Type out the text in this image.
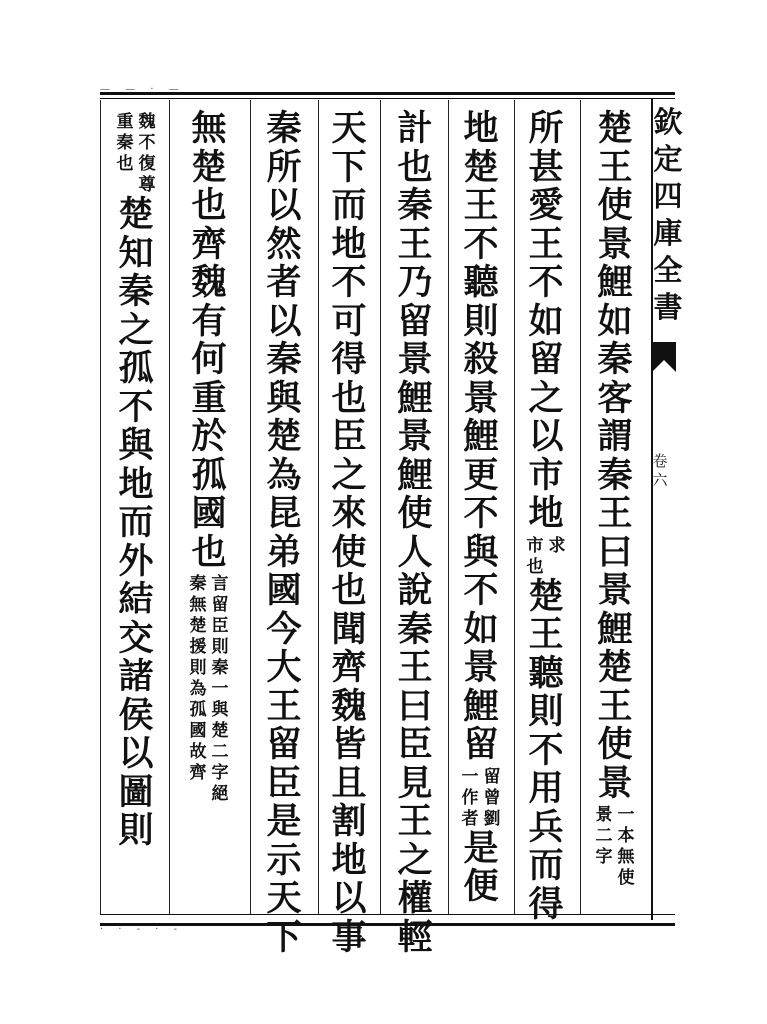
— — · —
· · - · -
欽
定
四
庫
全
書
卷
六
魏
不
復
尊
重
秦
也
楚
知
秦
之
孤
不
與
地
而
外
結
交
諸
侯
以
圖
則
無
楚
也
齊
魏
有
何
重
於
孤
國
也
言
留
臣
則
秦
一
與
楚
二
字
絕
秦
無
楚
援
則
為
孤
國
故
齊
秦
所
以
然
者
以
秦
與
楚
為
昆
弟
國
今
大
王
留
臣
是
示
天
下
天
下
而
地
不
可
得
也
臣
之
來
使
也
聞
齊
魏
皆
且
割
地
以
事
計
也
秦
王
乃
留
景
鯉
景
鯉
使
人
說
秦
王
曰
臣
見
王
之
權
輕
地
楚
王
不
聽
則
殺
景
鯉
更
不
與
不
如
景
鯉
留
留
曾
劉
一
作
者
是
便
所
甚
愛
王
不
如
留
之
以
市
地
求
市
也
楚
王
聽
則
不
用
兵
而
得
楚
王
使
景
鯉
如
秦
客
謂
秦
王
曰
景
鯉
楚
王
使
景
一
本
無
使
景
二
字
